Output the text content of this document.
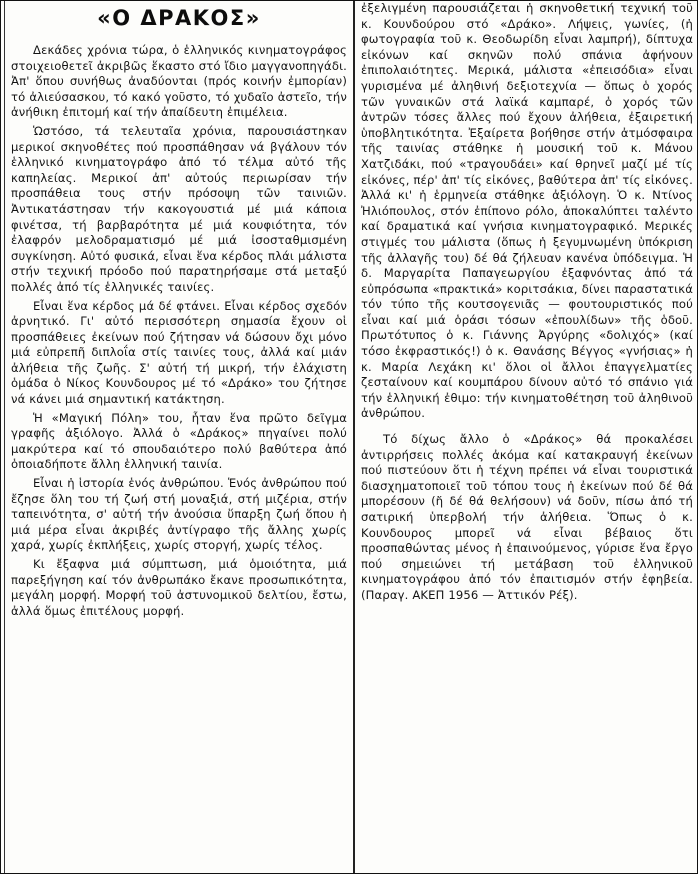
«Ο ΔΡΑΚΟΣ»

Δεκάδες χρόνια τώρα, ὁ ἑλληνικός κινηματογράφος στοιχειοθετεῖ ἀκριβῶς ἕκαστο στό ἴδιο μαγγανοπηγάδι. Ἀπ' ὅπου συνήθως ἀναδύονται (πρός κοινήν ἐμπορίαν) τό ἀλιεύσασκου, τό κακό γοῦστο, τό χυδαῖο ἀστεῖο, τήν ἀνήθικη ἐπιτομή καί τήν ἀπαίδευτη ἐπιμέλεια.

Ὡστόσο, τά τελευταῖα χρόνια, παρουσιάστηκαν μερικοί σκηνοθέτες πού προσπάθησαν νά βγάλουν τόν ἑλληνικό κινηματογράφο ἀπό τό τέλμα αὐτό τῆς καπηλείας. Μερικοί ἀπ' αὐτούς περιωρίσαν τήν προσπάθεια τους στήν πρόσοψη τῶν ταινιῶν. Ἀντικατάστησαν τήν κακογουστιά μέ μιά κάποια φινέτσα, τή βαρβαρότητα μέ μιά κουφιότητα, τόν ἐλαφρόν μελοδραματισμό μέ μιά ἰσοσταθμισμένη συγκίνηση. Αὐτό φυσικά, εἶναι ἕνα κέρδος πλάι μάλιστα στήν τεχνική πρόοδο πού παρατηρήσαμε στά μεταξύ πολλές ἀπό τίς ἑλληνικές ταινίες.

Εἶναι ἕνα κέρδος μά δέ φτάνει. Εἶναι κέρδος σχεδόν ἀρνητικό. Γι' αὐτό περισσότερη σημασία ἔχουν οἱ προσπάθειες ἐκείνων πού ζήτησαν νά δώσουν ὄχι μόνο μιά εὐπρεπῆ διπλοΐα στίς ταινίες τους, ἀλλά καί μιάν ἀλήθεια τῆς ζωῆς. Σ' αὐτή τή μικρή, τήν ἐλάχιστη ὁμάδα ὁ Νίκος Κουνδουρος μέ τό «Δράκο» του ζήτησε νά κάνει μιά σημαντική κατάκτηση.

Ἡ «Μαγική Πόλη» του, ἦταν ἕνα πρῶτο δεῖγμα γραφῆς ἀξιόλογο. Ἀλλά ὁ «Δράκος» πηγαίνει πολύ μακρύτερα καί τό σπουδαιότερο πολύ βαθύτερα ἀπό ὁποιαδήποτε ἄλλη ἑλληνική ταινία.

Εἶναι ἡ ἱστορία ἑνός ἀνθρώπου. Ἑνός ἀνθρώπου πού ἔζησε ὅλη του τή ζωή στή μοναξιά, στή μιζέρια, στήν ταπεινότητα, σ' αὐτή τήν ἀνούσια ὕπαρξη ζωή ὅπου ἡ μιά μέρα εἶναι ἀκριβές ἀντίγραφο τῆς ἄλλης χωρίς χαρά, χωρίς ἐκπλήξεις, χωρίς στοργή, χωρίς τέλος.

Κι ἔξαφνα μιά σύμπτωση, μιά ὁμοιότητα, μιά παρεξήγηση καί τόν ἀνθρωπάκο ἔκανε προσωπικότητα, μεγάλη μορφή. Μορφή τοῦ ἀστυνομικοῦ δελτίου, ἔστω, ἀλλά ὅμως ἐπιτέλους μορφή.

ἐξελιγμένη παρουσιάζεται ἡ σκηνοθετική τεχνική τοῦ κ. Κουνδούρου στό «Δράκο». Λήψεις, γωνίες, (ἡ φωτογραφία τοῦ κ. Θεοδωρίδη εἶναι λαμπρή), δίπτυχα εἰκόνων καί σκηνῶν πολύ σπάνια ἀφήνουν ἐπιπολαιότητες. Μερικά, μάλιστα «ἐπεισόδια» εἶναι γυρισμένα μέ ἀληθινή δεξιοτεχνία — ὅπως ὁ χορός τῶν γυναικῶν στά λαϊκά καμπαρέ, ὁ χορός τῶν ἀντρῶν τόσες ἄλλες πού ἔχουν ἀλήθεια, ἐξαιρετική ὑποβλητικότητα. Ἐξαίρετα βοήθησε στήν ἀτμόσφαιρα τῆς ταινίας στάθηκε ἡ μουσική τοῦ κ. Μάνου Χατζιδάκι, πού «τραγουδάει» καί θρηνεῖ μαζί μέ τίς εἰκόνες, πέρ' ἀπ' τίς εἰκόνες, βαθύτερα ἀπ' τίς εἰκόνες. Ἀλλά κι' ἡ ἑρμηνεία στάθηκε ἀξιόλογη. Ὁ κ. Ντίνος Ἠλιόπουλος, στόν ἐπίπονο ρόλο, ἀποκαλύπτει ταλέντο καί δραματικά καί γνήσια κινηματογραφικό. Μερικές στιγμές του μάλιστα (ὅπως ἡ ξεγυμνωμένη ὑπόκριση τῆς ἀλλαγῆς του) δέ θά ζήλευαν κανένα ὑπόδειγμα. Ἡ δ. Μαργαρίτα Παπαγεωργίου ἐξαφνόντας ἀπό τά εὐπρόσωπα «πρακτικά» κοριτσάκια, δίνει παραστατικά τόν τύπο τῆς κουτσογενιᾶς — φουτουριστικός πού εἶναι καί μιά ὁράσι τόσων «ἐπουλίδων» τῆς ὁδοῦ. Πρωτότυπος ὁ κ. Γιάννης Ἀργύρης «δολιχός» (καί τόσο ἐκφραστικός!) ὁ κ. Θανάσης Βέγγος «γνήσιας» ἡ κ. Μαρία Λεχάκη κι' ὅλοι οἱ ἄλλοι ἐπαγγελματίες ζεσταίνουν καί κουμπάρου δίνουν αὐτό τό σπάνιο γιά τήν ἑλληνική ἐθιμο: τήν κινηματοθέτηση τοῦ ἀληθινοῦ ἀνθρώπου.

Τό δίχως ἄλλο ὁ «Δράκος» θά προκαλέσει ἀντιρρήσεις πολλές ἀκόμα καί κατακραυγή ἐκείνων πού πιστεύουν ὅτι ἡ τέχνη πρέπει νά εἶναι τουριστικά διασχηματοποιεῖ τοῦ τόπου τους ἡ ἐκείνων πού δέ θά μπορέσουν (ἤ δέ θά θελήσουν) νά δοῦν, πίσω ἀπό τή σατιρική ὑπερβολή τήν ἀλήθεια. Ὅπως ὁ κ. Κουνδουρος μπορεῖ νά εἶναι βέβαιος ὅτι προσπαθώντας μένος ἡ ἐπαινούμενος, γύρισε ἕνα ἔργο πού σημειώνει τή μετάβαση τοῦ ἑλληνικοῦ κινηματογράφου ἀπό τόν ἐπαιτισμόν στήν ἐφηβεία. (Παραγ. ΑΚΕΠ 1956 — Ἀττικόν Ρέξ).
